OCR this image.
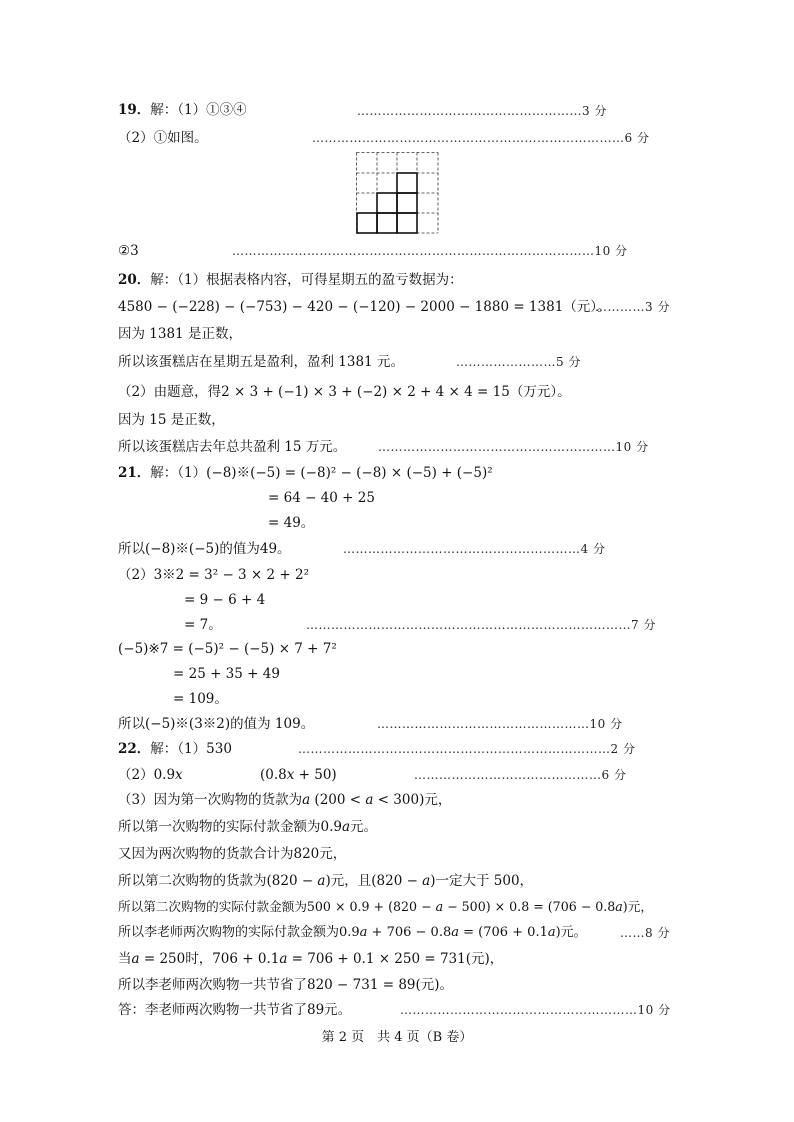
19．解：（1）①③④	………………………………………………3 分
（2）①如图。	…………………………………………………………………6 分
②3	……………………………………………………………………………10 分
20．解：（1）根据表格内容，可得星期五的盈亏数据为：
4580 − (−228) − (−753) − 420 − (−120) − 2000 − 1880 = 1381（元）。
…………3 分
因为 1381 是正数，
所以该蛋糕店在星期五是盈利，盈利 1381 元。	……………………5 分
（2）由题意，得2 × 3 + (−1) × 3 + (−2) × 2 + 4 × 4 = 15（万元）。
因为 15 是正数，
所以该蛋糕店去年总共盈利 15 万元。	…………………………………………………10 分
21．解：（1）(−8)※(−5) = (−8)² − (−8) × (−5) + (−5)²
= 64 − 40 + 25
= 49。
所以(−8)※(−5)的值为49。	…………………………………………………4 分
（2）3※2 = 3² − 3 × 2 + 2²
= 9 − 6 + 4
= 7。	……………………………………………………………………7 分
(−5)※7 = (−5)² − (−5) × 7 + 7²
= 25 + 35 + 49
= 109。
所以(−5)※(3※2)的值为 109。	……………………………………………10 分
22．解：（1）530	…………………………………………………………………2 分
（2）0.9𝑥	(0.8𝑥 + 50)	………………………………………6 分
（3）因为第一次购物的货款为𝑎 (200 < 𝑎 < 300)元，
所以第一次购物的实际付款金额为0.9𝑎元。
又因为两次购物的货款合计为820元，
所以第二次购物的货款为(820 − 𝑎)元，且(820 − 𝑎)一定大于 500，
所以第二次购物的实际付款金额为500 × 0.9 + (820 − 𝑎 − 500) × 0.8 = (706 − 0.8𝑎)元，
所以李老师两次购物的实际付款金额为0.9𝑎 + 706 − 0.8𝑎 = (706 + 0.1𝑎)元。	……8 分
当𝑎 = 250时，706 + 0.1𝑎 = 706 + 0.1 × 250 = 731(元)，
所以李老师两次购物一共节省了820 − 731 = 89(元)。
答：李老师两次购物一共节省了89元。	…………………………………………………10 分
第 2 页　共 4 页（B 卷）
